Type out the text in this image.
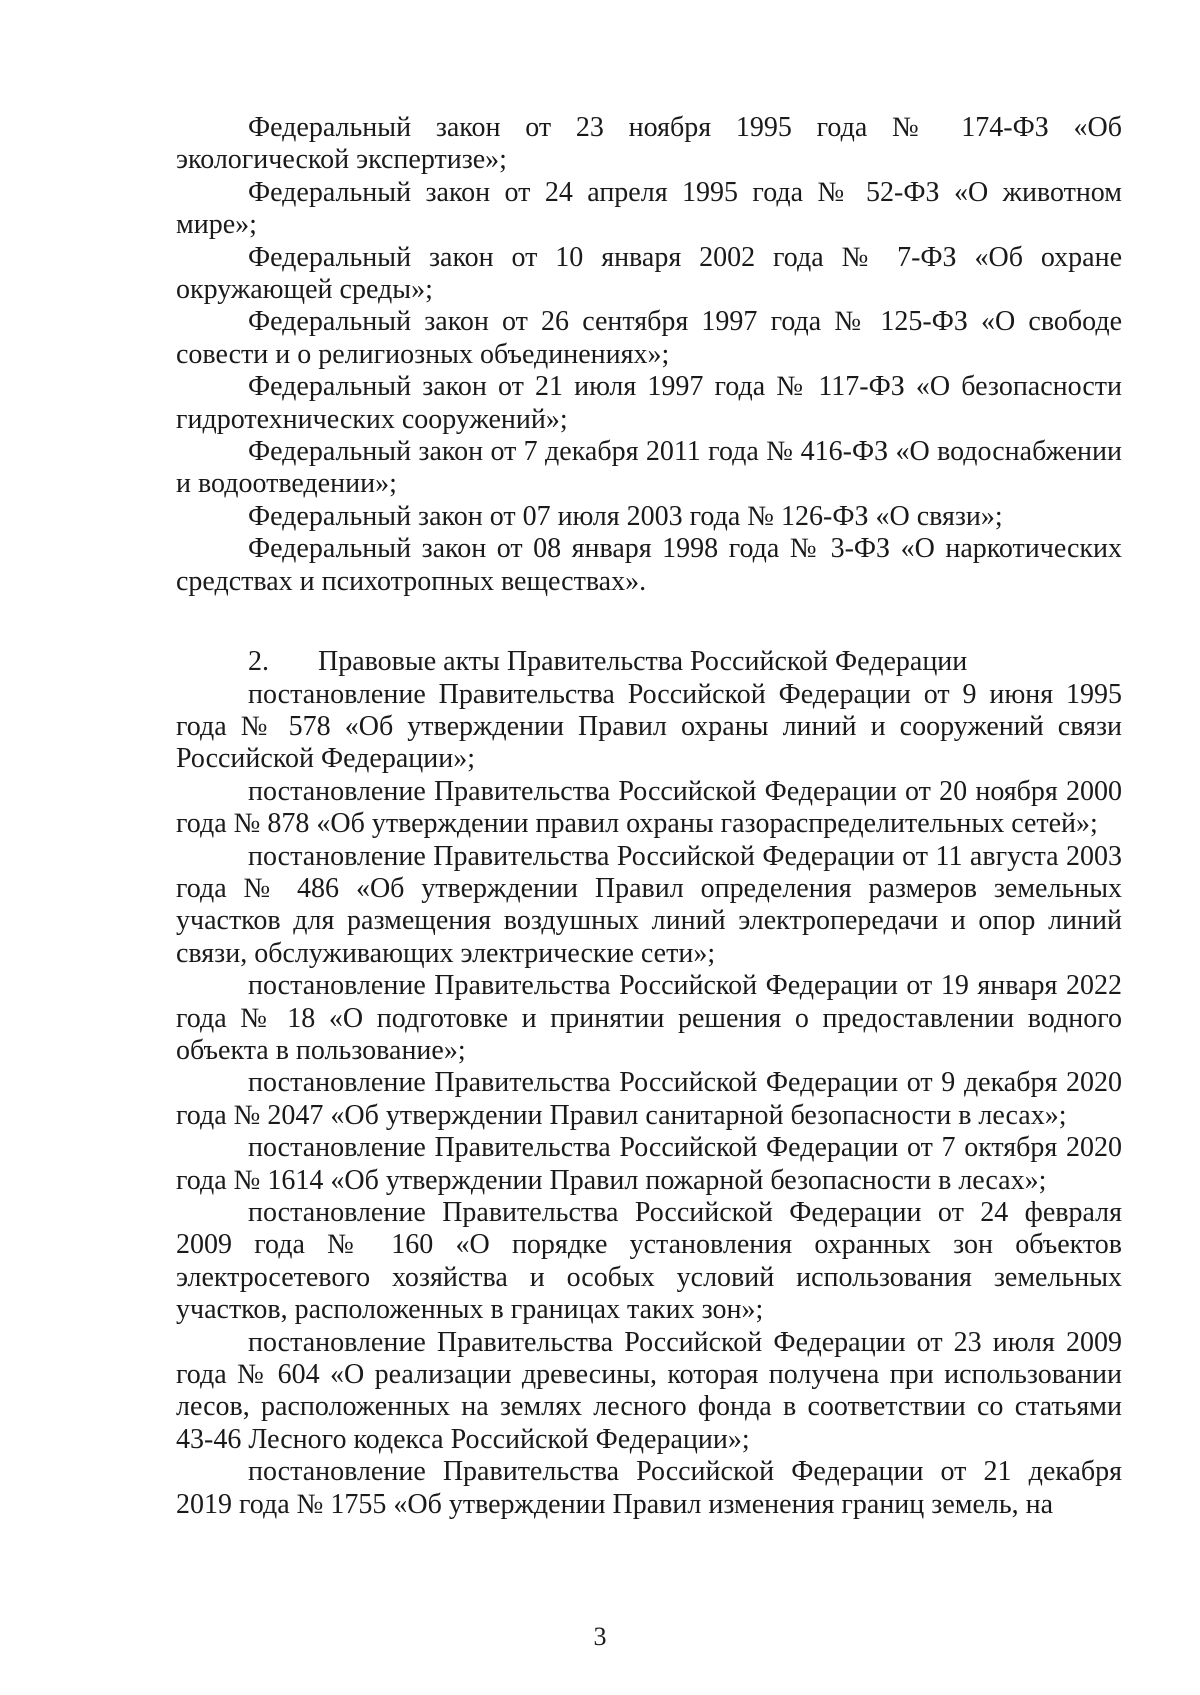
Федеральный закон от 23 ноября 1995 года № 174-ФЗ «Об экологической экспертизе»;

Федеральный закон от 24 апреля 1995 года № 52-ФЗ «О животном мире»;

Федеральный закон от 10 января 2002 года № 7-ФЗ «Об охране окружающей среды»;

Федеральный закон от 26 сентября 1997 года № 125-ФЗ «О свободе совести и о религиозных объединениях»;

Федеральный закон от 21 июля 1997 года № 117-ФЗ «О безопасности гидротехнических сооружений»;

Федеральный закон от 7 декабря 2011 года № 416-ФЗ «О водоснабжении и водоотведении»;

Федеральный закон от 07 июля 2003 года № 126-ФЗ «О связи»;

Федеральный закон от 08 января 1998 года № 3-ФЗ «О наркотических средствах и психотропных веществах».

2. Правовые акты Правительства Российской Федерации

постановление Правительства Российской Федерации от 9 июня 1995 года № 578 «Об утверждении Правил охраны линий и сооружений связи Российской Федерации»;

постановление Правительства Российской Федерации от 20 ноября 2000 года № 878 «Об утверждении правил охраны газораспределительных сетей»;

постановление Правительства Российской Федерации от 11 августа 2003 года № 486 «Об утверждении Правил определения размеров земельных участков для размещения воздушных линий электропередачи и опор линий связи, обслуживающих электрические сети»;

постановление Правительства Российской Федерации от 19 января 2022 года № 18 «О подготовке и принятии решения о предоставлении водного объекта в пользование»;

постановление Правительства Российской Федерации от 9 декабря 2020 года № 2047 «Об утверждении Правил санитарной безопасности в лесах»;

постановление Правительства Российской Федерации от 7 октября 2020 года № 1614 «Об утверждении Правил пожарной безопасности в лесах»;

постановление Правительства Российской Федерации от 24 февраля 2009 года № 160 «О порядке установления охранных зон объектов электросетевого хозяйства и особых условий использования земельных участков, расположенных в границах таких зон»;

постановление Правительства Российской Федерации от 23 июля 2009 года № 604 «О реализации древесины, которая получена при использовании лесов, расположенных на землях лесного фонда в соответствии со статьями 43-46 Лесного кодекса Российской Федерации»;

постановление Правительства Российской Федерации от 21 декабря 2019 года № 1755 «Об утверждении Правил изменения границ земель, на

3
